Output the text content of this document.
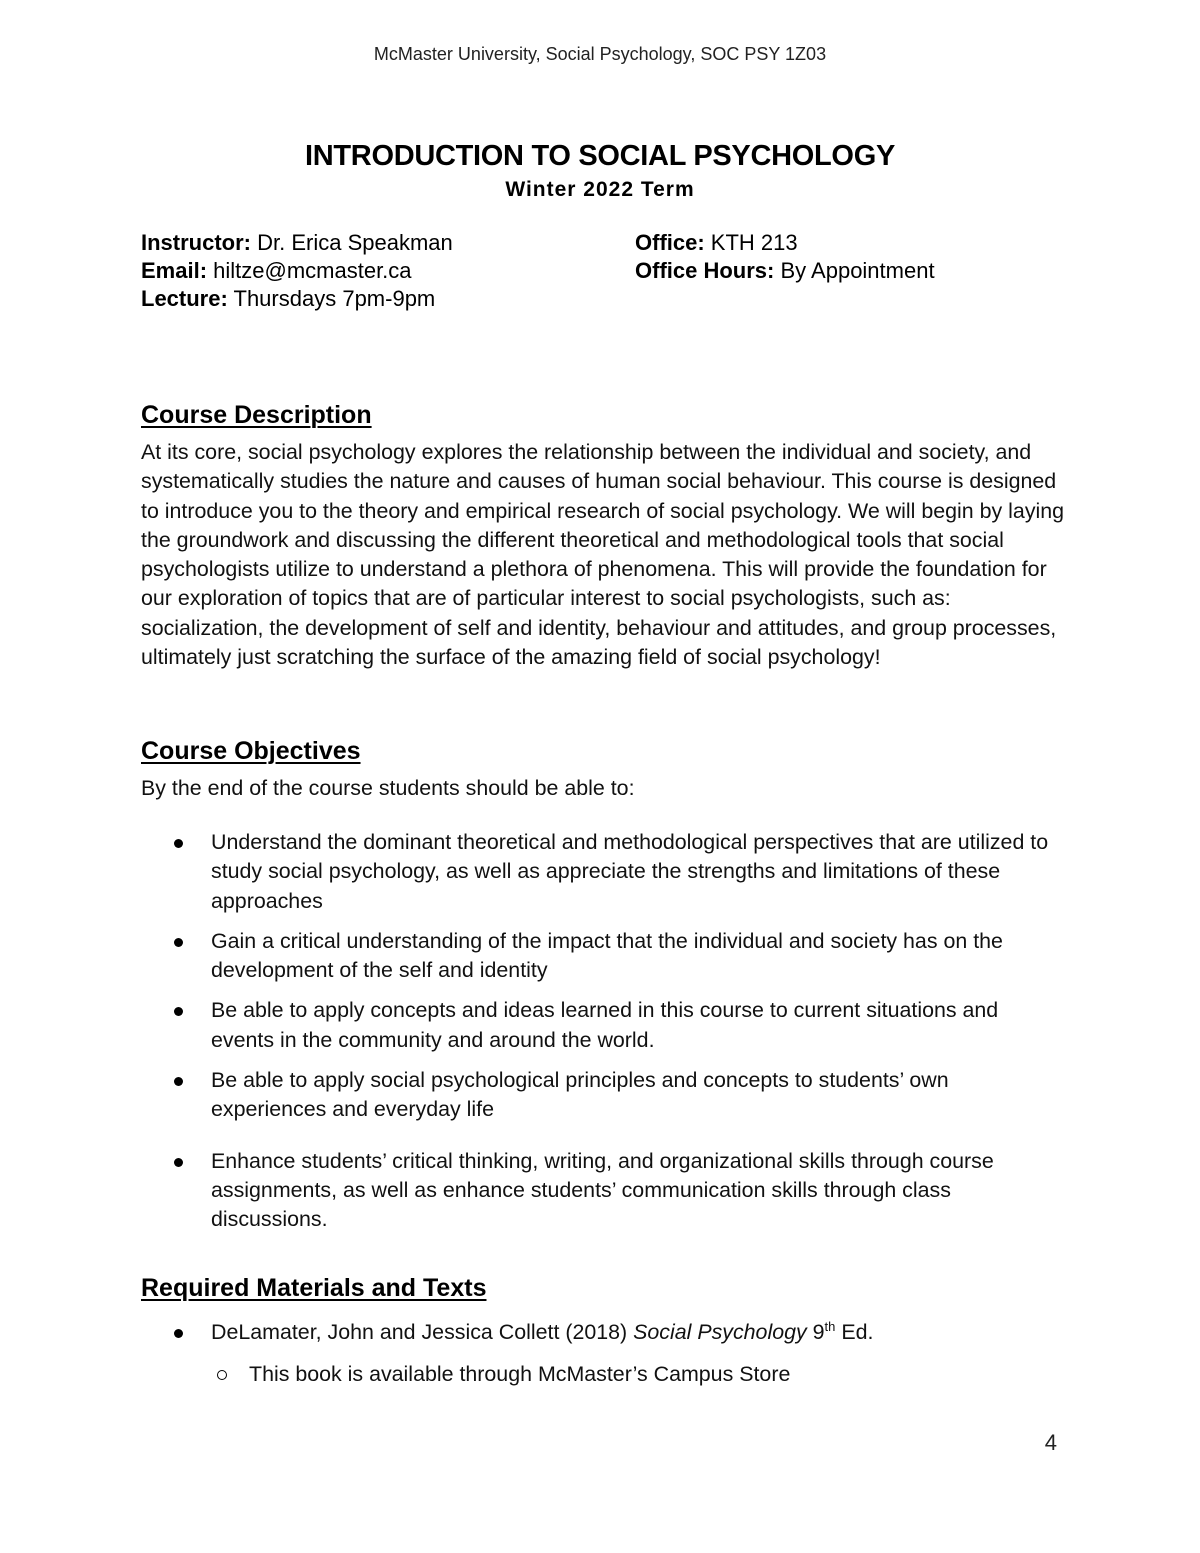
McMaster University, Social Psychology, SOC PSY 1Z03
INTRODUCTION TO SOCIAL PSYCHOLOGY
Winter 2022 Term
Instructor: Dr. Erica Speakman
Email: hiltze@mcmaster.ca
Lecture: Thursdays 7pm-9pm
Office: KTH 213
Office Hours: By Appointment
Course Description
At its core, social psychology explores the relationship between the individual and society, and systematically studies the nature and causes of human social behaviour. This course is designed to introduce you to the theory and empirical research of social psychology. We will begin by laying the groundwork and discussing the different theoretical and methodological tools that social psychologists utilize to understand a plethora of phenomena. This will provide the foundation for our exploration of topics that are of particular interest to social psychologists, such as: socialization, the development of self and identity, behaviour and attitudes, and group processes, ultimately just scratching the surface of the amazing field of social psychology!
Course Objectives
By the end of the course students should be able to:
Understand the dominant theoretical and methodological perspectives that are utilized to study social psychology, as well as appreciate the strengths and limitations of these approaches
Gain a critical understanding of the impact that the individual and society has on the development of the self and identity
Be able to apply concepts and ideas learned in this course to current situations and events in the community and around the world.
Be able to apply social psychological principles and concepts to students’ own experiences and everyday life
Enhance students’ critical thinking, writing, and organizational skills through course assignments, as well as enhance students’ communication skills through class discussions.
Required Materials and Texts
DeLamater, John and Jessica Collett (2018) Social Psychology 9th Ed.
This book is available through McMaster’s Campus Store
4
